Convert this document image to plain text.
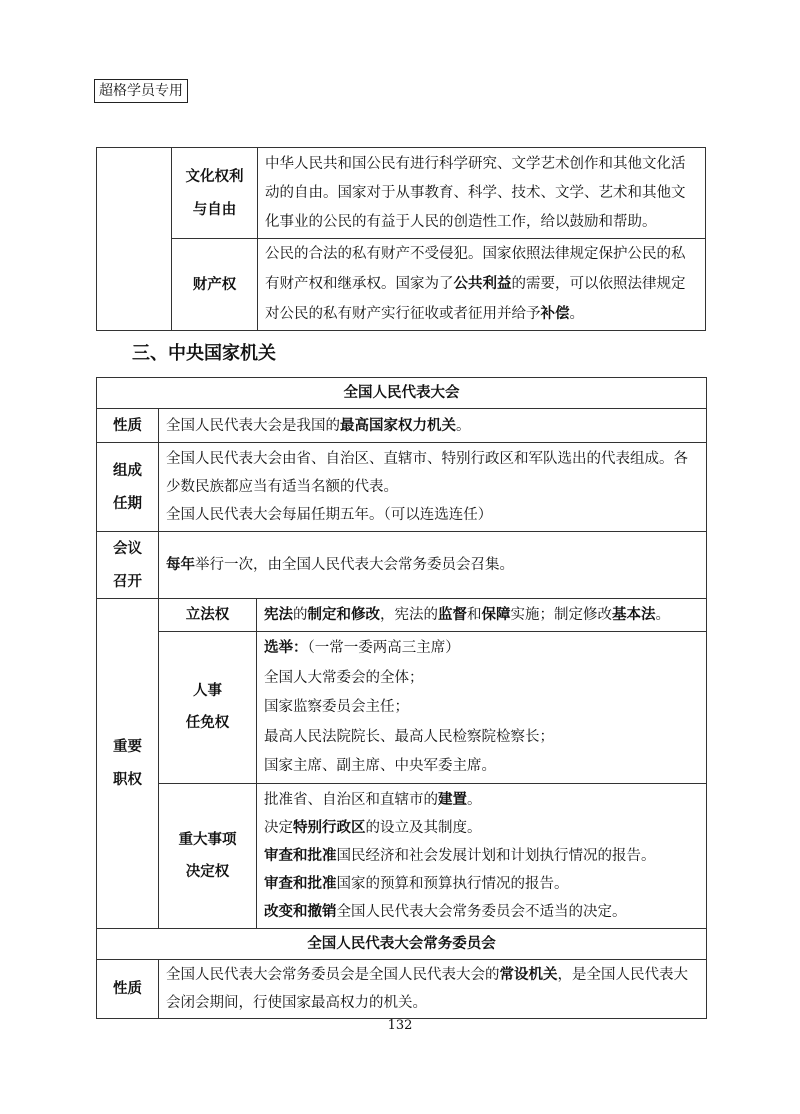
超格学员专用

	文化权利
与自由	中华人民共和国公民有进行科学研究、文学艺术创作和其他文化活动的自由。国家对于从事教育、科学、技术、文学、艺术和其他文化事业的公民的有益于人民的创造性工作，给以鼓励和帮助。

	财产权	公民的合法的私有财产不受侵犯。国家依照法律规定保护公民的私有财产权和继承权。国家为了公共利益的需要，可以依照法律规定对公民的私有财产实行征收或者征用并给予补偿。
三、中央国家机关
全国人民代表大会		
性质	全国人民代表大会是我国的最高国家权力机关。	

组成
任期	全国人民代表大会由省、自治区、直辖市、特别行政区和军队选出的代表组成。各少数民族都应当有适当名额的代表。
全国人民代表大会每届任期五年。（可以连选连任）	

会议
召开	每年举行一次，由全国人民代表大会常务委员会召集。	

重要
职权	立法权	宪法的制定和修改，宪法的监督和保障实施；制定修改基本法。

	人事
任免权	选举：（一常一委两高三主席）
全国人大常委会的全体；
国家监察委员会主任；
最高人民法院院长、最高人民检察院检察长；
国家主席、副主席、中央军委主席。

	重大事项
决定权	批准省、自治区和直辖市的建置。
决定特别行政区的设立及其制度。
审查和批准国民经济和社会发展计划和计划执行情况的报告。
审查和批准国家的预算和预算执行情况的报告。
改变和撤销全国人民代表大会常务委员会不适当的决定。

全国人民代表大会常务委员会		
性质	全国人民代表大会常务委员会是全国人民代表大会的常设机关，是全国人民代表大会闭会期间，行使国家最高权力的机关。	
132
